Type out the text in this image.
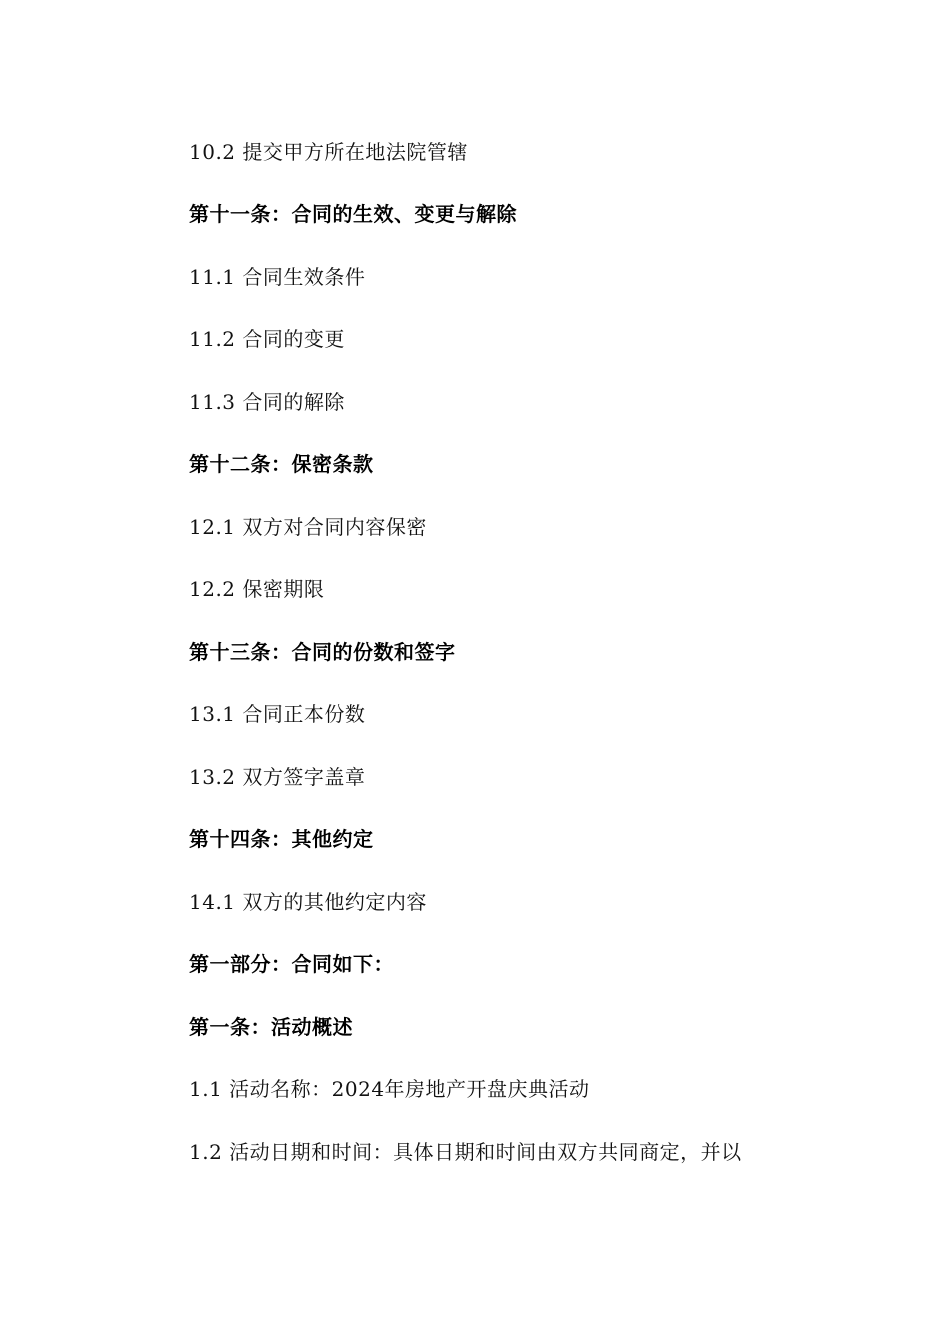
10.2 提交甲方所在地法院管辖

第十一条：合同的生效、变更与解除

11.1 合同生效条件

11.2 合同的变更

11.3 合同的解除

第十二条：保密条款

12.1 双方对合同内容保密

12.2 保密期限

第十三条：合同的份数和签字

13.1 合同正本份数

13.2 双方签字盖章

第十四条：其他约定

14.1 双方的其他约定内容

第一部分：合同如下：

第一条：活动概述

1.1 活动名称：2024年房地产开盘庆典活动

1.2 活动日期和时间：具体日期和时间由双方共同商定，并以
